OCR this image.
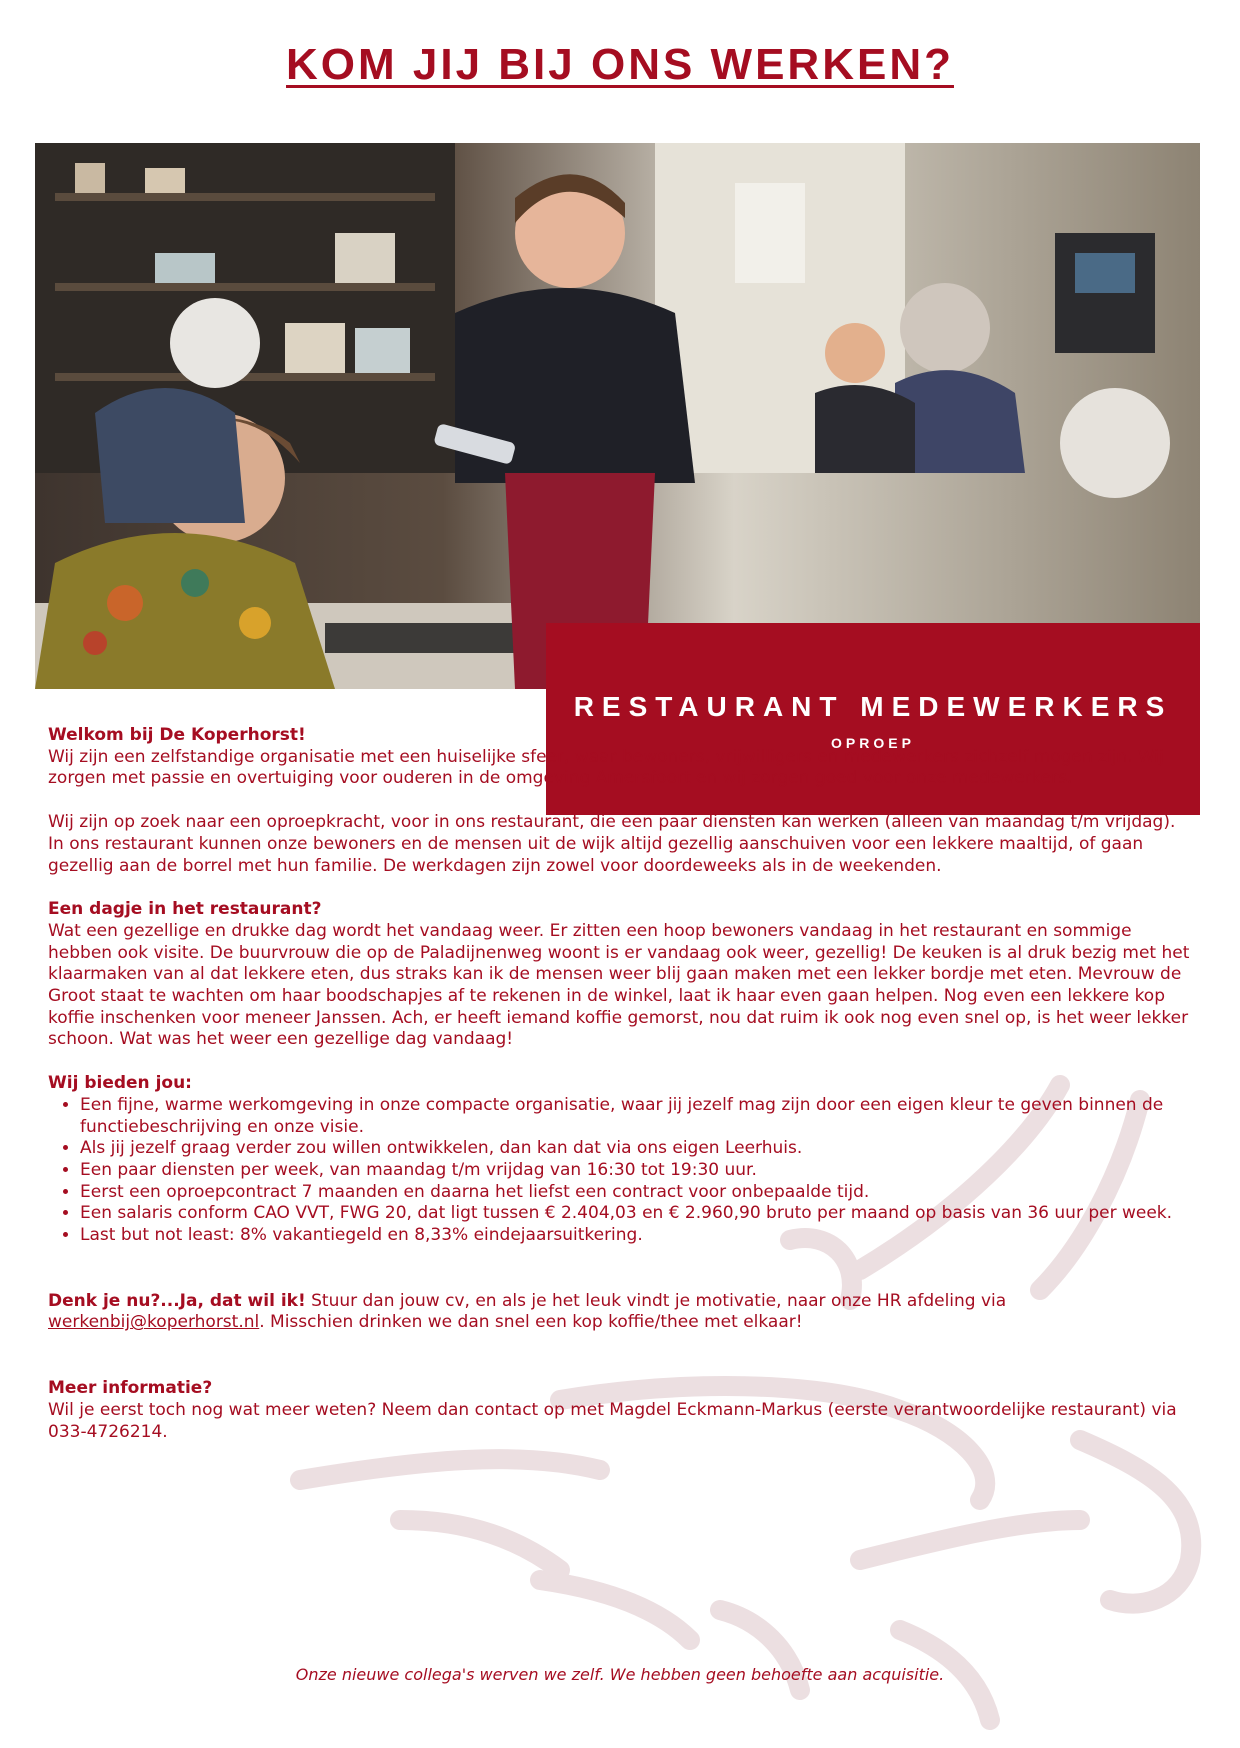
KOM JIJ BIJ ONS WERKEN?
RESTAURANT MEDEWERKERS
OPROEP

Welkom bij De Koperhorst!
Wij zijn een zelfstandige organisatie met een huiselijke sfeer, waar bewoners, vrijwilligers en medewerkers zichzelf mogen zijn. Wij zorgen met passie en overtuiging voor ouderen in de omgeving Amersfoort en wij zorgen goed voor onze medewerkers.

Wij zijn op zoek naar een oproepkracht, voor in ons restaurant, die een paar diensten kan werken (alleen van maandag t/m vrijdag). In ons restaurant kunnen onze bewoners en de mensen uit de wijk altijd gezellig aanschuiven voor een lekkere maaltijd, of gaan gezellig aan de borrel met hun familie. De werkdagen zijn zowel voor doordeweeks als in de weekenden.

Een dagje in het restaurant?
Wat een gezellige en drukke dag wordt het vandaag weer. Er zitten een hoop bewoners vandaag in het restaurant en sommige hebben ook visite. De buurvrouw die op de Paladijnenweg woont is er vandaag ook weer, gezellig! De keuken is al druk bezig met het klaarmaken van al dat lekkere eten, dus straks kan ik de mensen weer blij gaan maken met een lekker bordje met eten. Mevrouw de Groot staat te wachten om haar boodschapjes af te rekenen in de winkel, laat ik haar even gaan helpen. Nog even een lekkere kop koffie inschenken voor meneer Janssen. Ach, er heeft iemand koffie gemorst, nou dat ruim ik ook nog even snel op, is het weer lekker schoon. Wat was het weer een gezellige dag vandaag!

Wij bieden jou:
• Een fijne, warme werkomgeving in onze compacte organisatie, waar jij jezelf mag zijn door een eigen kleur te geven binnen de functiebeschrijving en onze visie.
• Als jij jezelf graag verder zou willen ontwikkelen, dan kan dat via ons eigen Leerhuis.
• Een paar diensten per week, van maandag t/m vrijdag van 16:30 tot 19:30 uur.
• Eerst een oproepcontract 7 maanden en daarna het liefst een contract voor onbepaalde tijd.
• Een salaris conform CAO VVT, FWG 20, dat ligt tussen € 2.404,03 en € 2.960,90 bruto per maand op basis van 36 uur per week.
• Last but not least: 8% vakantiegeld en 8,33% eindejaarsuitkering.

Denk je nu?...Ja, dat wil ik! Stuur dan jouw cv, en als je het leuk vindt je motivatie, naar onze HR afdeling via werkenbij@koperhorst.nl. Misschien drinken we dan snel een kop koffie/thee met elkaar!

Meer informatie?
Wil je eerst toch nog wat meer weten? Neem dan contact op met Magdel Eckmann-Markus (eerste verantwoordelijke restaurant) via 033-4726214.

Onze nieuwe collega's werven we zelf. We hebben geen behoefte aan acquisitie.
